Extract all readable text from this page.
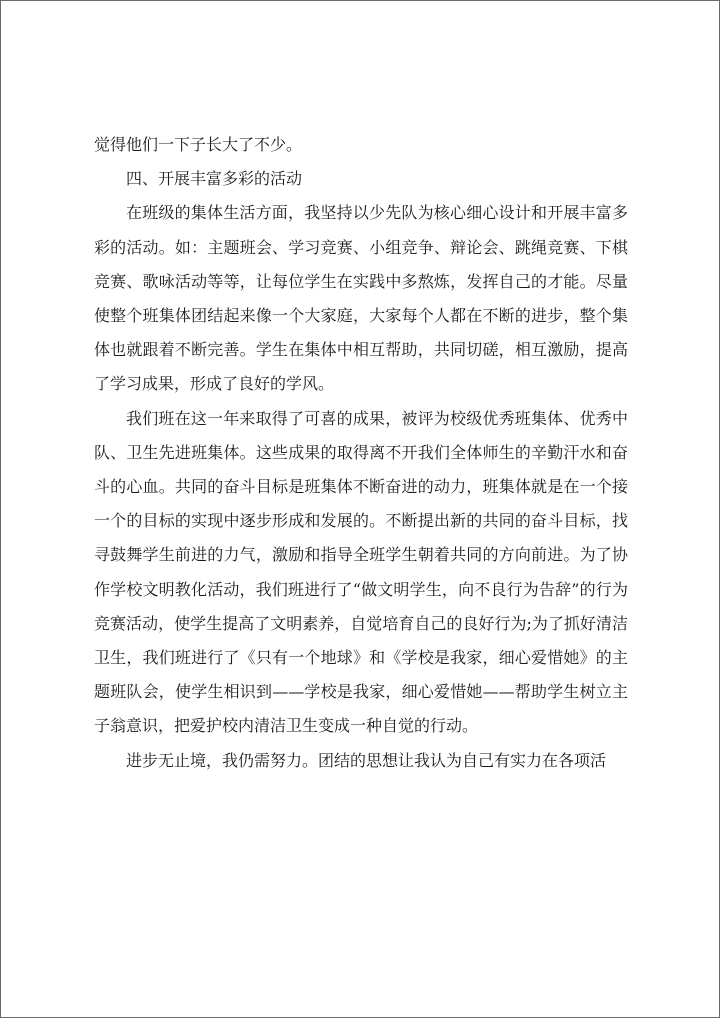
觉得他们一下子长大了不少。

四、开展丰富多彩的活动

在班级的集体生活方面，我坚持以少先队为核心细心设计和开展丰富多彩的活动。如：主题班会、学习竞赛、小组竞争、辩论会、跳绳竞赛、下棋竞赛、歌咏活动等等，让每位学生在实践中多熬炼，发挥自己的才能。尽量使整个班集体团结起来像一个大家庭，大家每个人都在不断的进步，整个集体也就跟着不断完善。学生在集体中相互帮助，共同切磋，相互激励，提高了学习成果，形成了良好的学风。

我们班在这一年来取得了可喜的成果，被评为校级优秀班集体、优秀中队、卫生先进班集体。这些成果的取得离不开我们全体师生的辛勤汗水和奋斗的心血。共同的奋斗目标是班集体不断奋进的动力，班集体就是在一个接一个的目标的实现中逐步形成和发展的。不断提出新的共同的奋斗目标，找寻鼓舞学生前进的力气，激励和指导全班学生朝着共同的方向前进。为了协作学校文明教化活动，我们班进行了“做文明学生，向不良行为告辞”的行为竞赛活动，使学生提高了文明素养，自觉培育自己的良好行为;为了抓好清洁卫生，我们班进行了《只有一个地球》和《学校是我家，细心爱惜她》的主题班队会，使学生相识到——学校是我家，细心爱惜她——帮助学生树立主子翁意识，把爱护校内清洁卫生变成一种自觉的行动。

进步无止境，我仍需努力。团结的思想让我认为自己有实力在各项活
